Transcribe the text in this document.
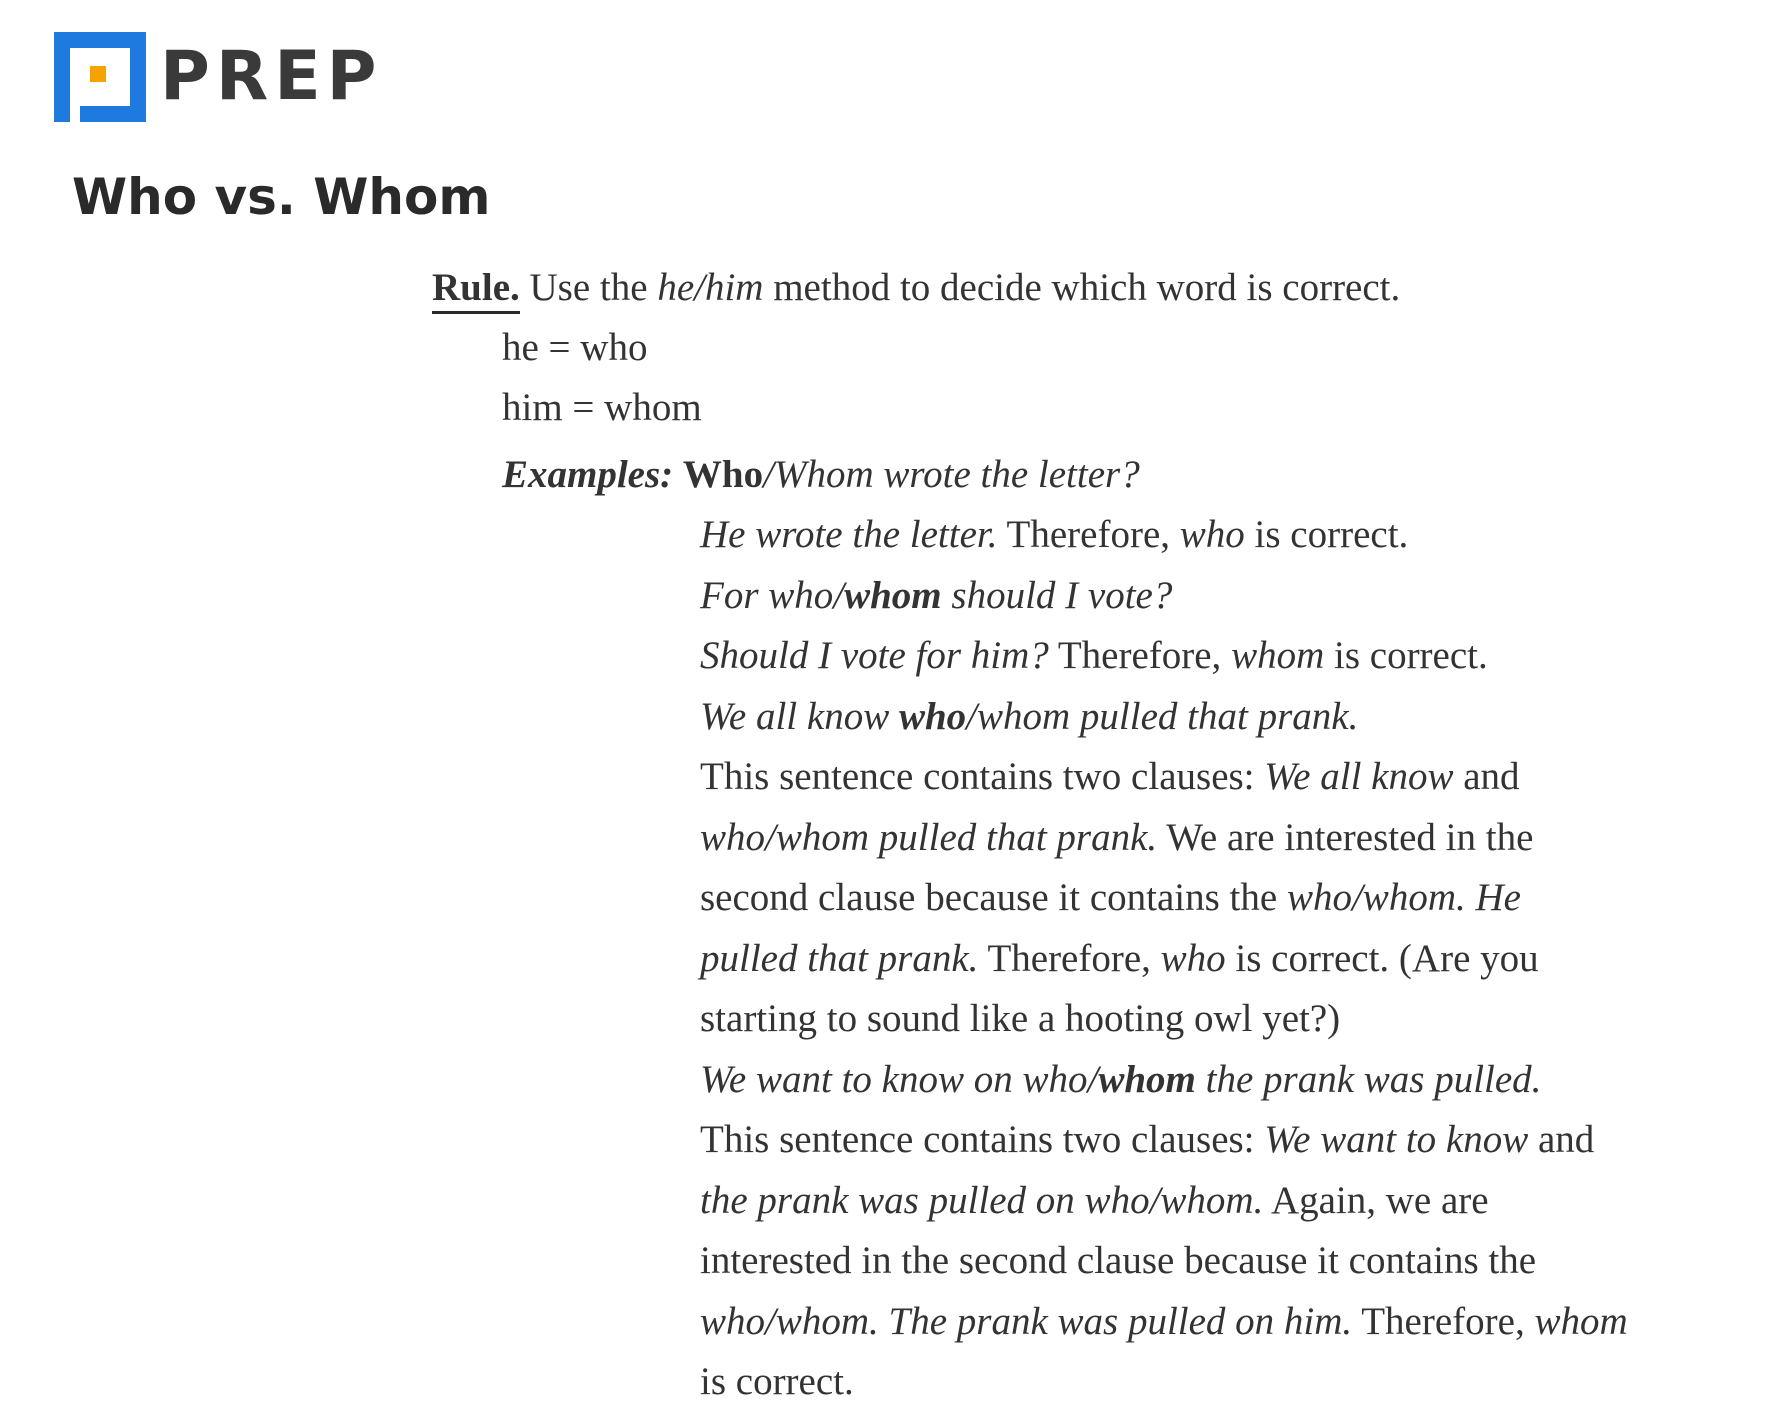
PREP
Who vs. Whom
Rule. Use the he/him method to decide which word is correct.
he = who
him = whom
Examples: Who/Whom wrote the letter?
He wrote the letter. Therefore, who is correct.
For who/whom should I vote?
Should I vote for him? Therefore, whom is correct.
We all know who/whom pulled that prank.
This sentence contains two clauses: We all know and
who/whom pulled that prank. We are interested in the
second clause because it contains the who/whom. He
pulled that prank. Therefore, who is correct. (Are you
starting to sound like a hooting owl yet?)
We want to know on who/whom the prank was pulled.
This sentence contains two clauses: We want to know and
the prank was pulled on who/whom. Again, we are
interested in the second clause because it contains the
who/whom. The prank was pulled on him. Therefore, whom
is correct.
